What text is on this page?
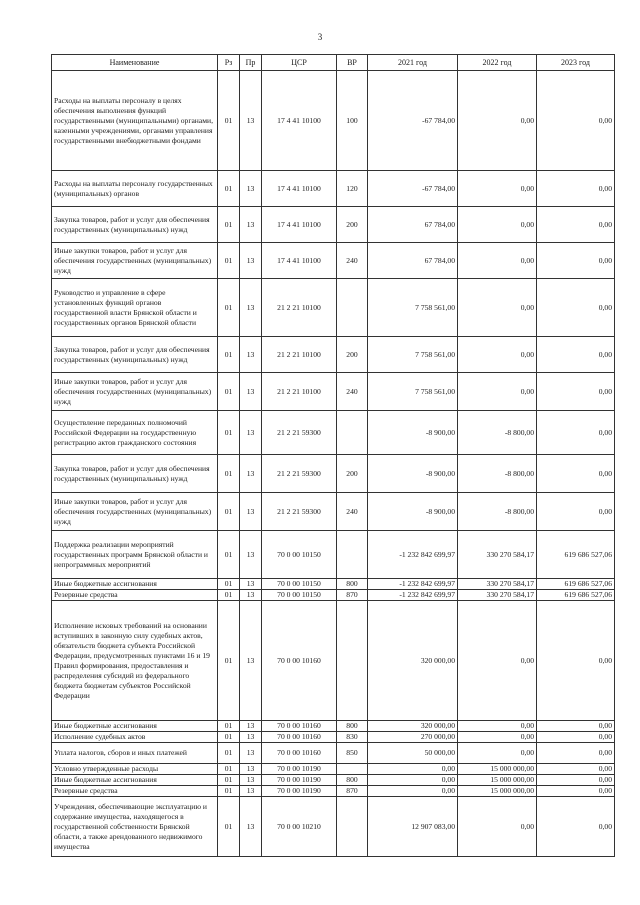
3
Наименование	Рз	Пр	ЦСР	ВР	2021 год	2022 год	2023 год
Расходы на выплаты персоналу в целях обеспечения выполнения функций государственными (муниципальными) органами, казенными учреждениями, органами управления государственными внебюджетными фондами	01	13	17 4 41 10100	100	-67 784,00	0,00	0,00
Расходы на выплаты персоналу государственных (муниципальных) органов	01	13	17 4 41 10100	120	-67 784,00	0,00	0,00
Закупка товаров, работ и услуг для обеспечения государственных (муниципальных) нужд	01	13	17 4 41 10100	200	67 784,00	0,00	0,00
Иные закупки товаров, работ и услуг для обеспечения государственных (муниципальных) нужд	01	13	17 4 41 10100	240	67 784,00	0,00	0,00
Руководство и управление в сфере установленных функций органов государственной власти Брянской области и государственных органов Брянской области	01	13	21 2 21 10100		7 758 561,00	0,00	0,00
Закупка товаров, работ и услуг для обеспечения государственных (муниципальных) нужд	01	13	21 2 21 10100	200	7 758 561,00	0,00	0,00
Иные закупки товаров, работ и услуг для обеспечения государственных (муниципальных) нужд	01	13	21 2 21 10100	240	7 758 561,00	0,00	0,00
Осуществление переданных полномочий Российской Федерации на государственную регистрацию актов гражданского состояния	01	13	21 2 21 59300		-8 900,00	-8 800,00	0,00
Закупка товаров, работ и услуг для обеспечения государственных (муниципальных) нужд	01	13	21 2 21 59300	200	-8 900,00	-8 800,00	0,00
Иные закупки товаров, работ и услуг для обеспечения государственных (муниципальных) нужд	01	13	21 2 21 59300	240	-8 900,00	-8 800,00	0,00
Поддержка реализации мероприятий государственных программ Брянской области и непрограммных мероприятий	01	13	70 0 00 10150		-1 232 842 699,97	330 270 584,17	619 686 527,06
Иные бюджетные ассигнования	01	13	70 0 00 10150	800	-1 232 842 699,97	330 270 584,17	619 686 527,06
Резервные средства	01	13	70 0 00 10150	870	-1 232 842 699,97	330 270 584,17	619 686 527,06
Исполнение исковых требований на основании вступивших в законную силу судебных актов, обязательств бюджета субъекта Российской Федерации, предусмотренных пунктами 16 и 19 Правил формирования, предоставления и распределения субсидий из федерального бюджета бюджетам субъектов Российской Федерации	01	13	70 0 00 10160		320 000,00	0,00	0,00
Иные бюджетные ассигнования	01	13	70 0 00 10160	800	320 000,00	0,00	0,00
Исполнение судебных актов	01	13	70 0 00 10160	830	270 000,00	0,00	0,00
Уплата налогов, сборов и иных платежей	01	13	70 0 00 10160	850	50 000,00	0,00	0,00
Условно утвержденные расходы	01	13	70 0 00 10190		0,00	15 000 000,00	0,00
Иные бюджетные ассигнования	01	13	70 0 00 10190	800	0,00	15 000 000,00	0,00
Резервные средства	01	13	70 0 00 10190	870	0,00	15 000 000,00	0,00
Учреждения, обеспечивающие эксплуатацию и содержание имущества, находящегося в государственной собственности Брянской области, а также арендованного недвижимого имущества	01	13	70 0 00 10210		12 907 083,00	0,00	0,00
